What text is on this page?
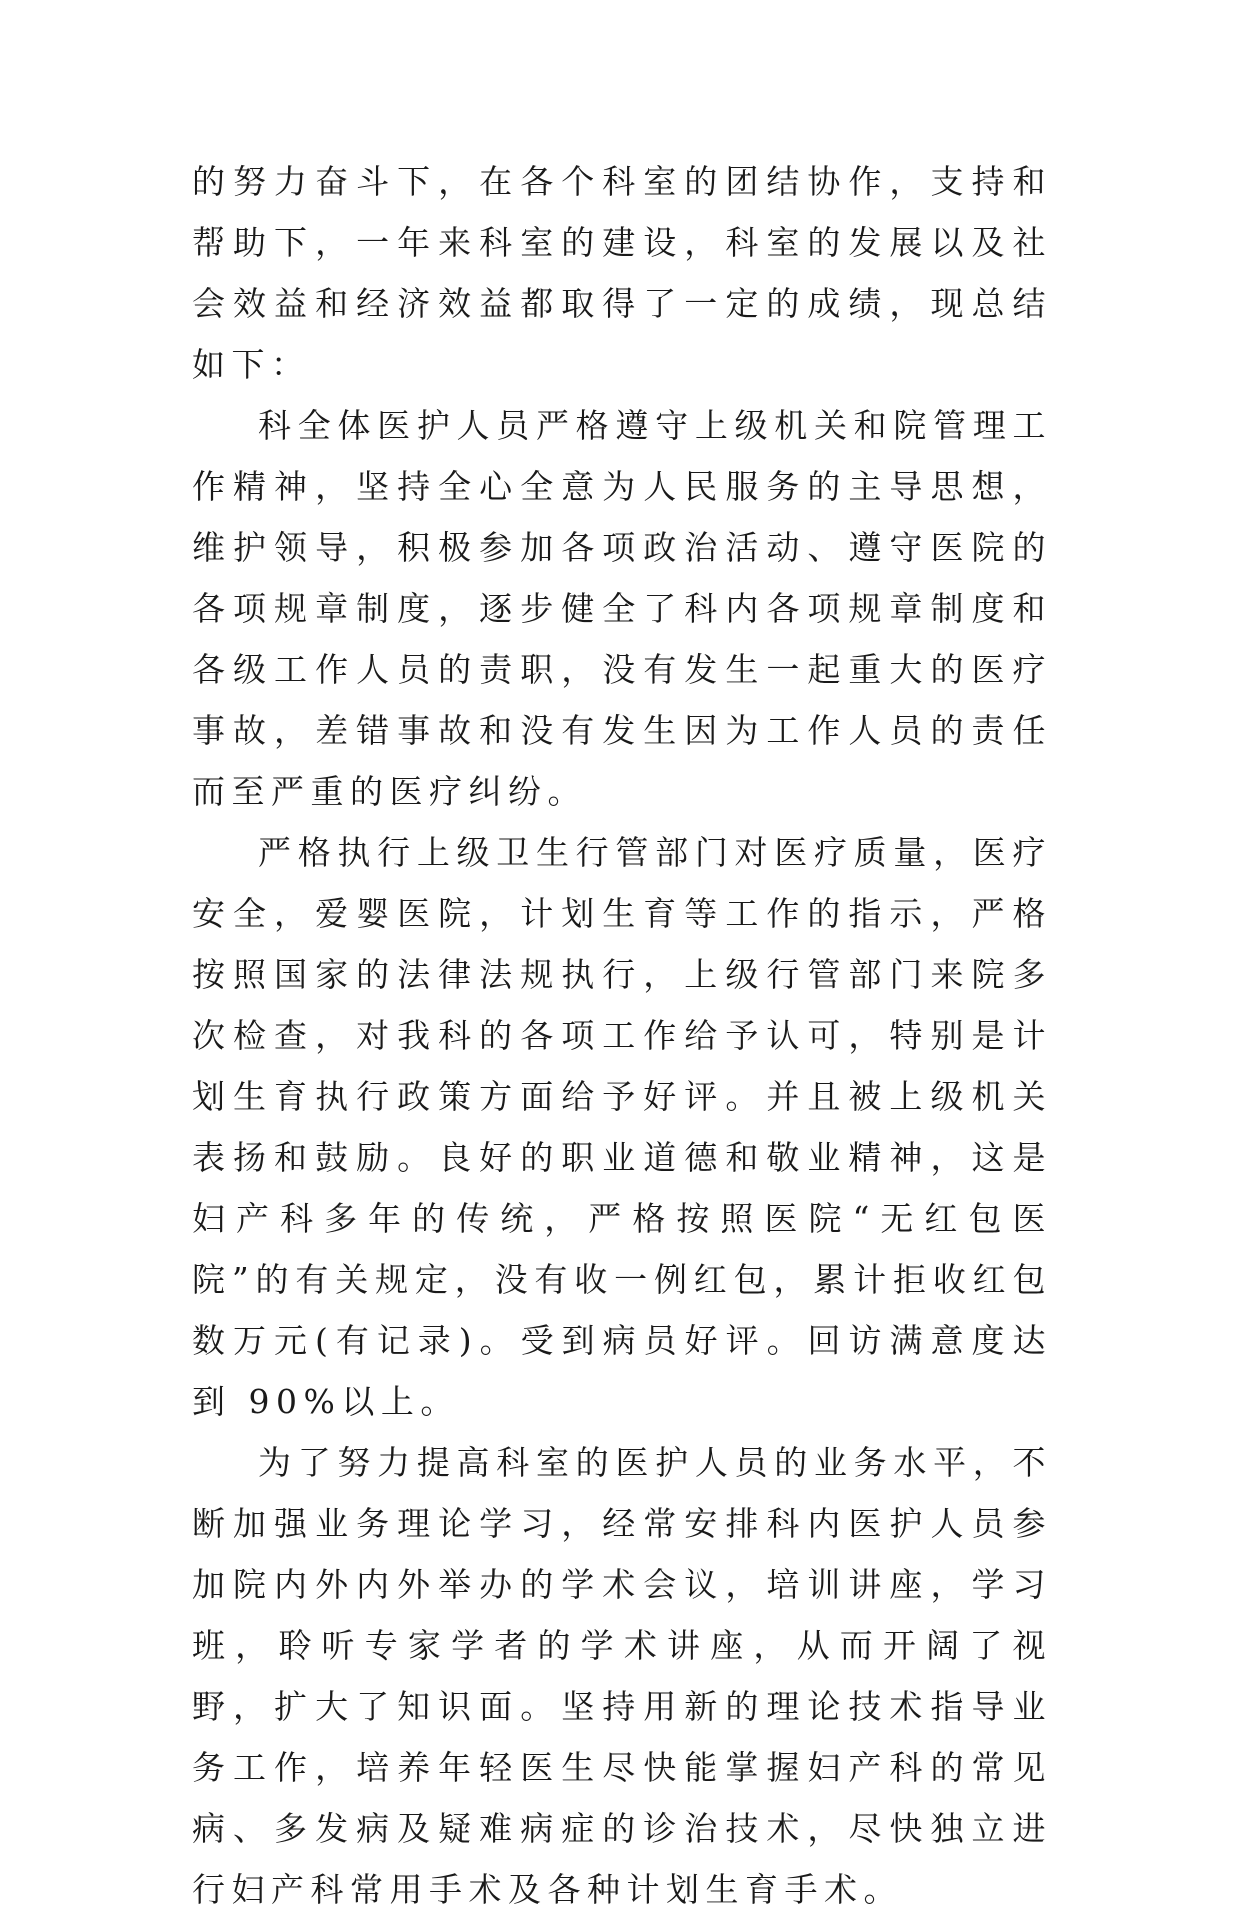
的努力奋斗下，在各个科室的团结协作，支持和帮助下，一年来科室的建设，科室的发展以及社会效益和经济效益都取得了一定的成绩，现总结如下：

科全体医护人员严格遵守上级机关和院管理工作精神，坚持全心全意为人民服务的主导思想，维护领导，积极参加各项政治活动、遵守医院的各项规章制度，逐步健全了科内各项规章制度和各级工作人员的责职，没有发生一起重大的医疗事故，差错事故和没有发生因为工作人员的责任而至严重的医疗纠纷。

严格执行上级卫生行管部门对医疗质量，医疗安全，爱婴医院，计划生育等工作的指示，严格按照国家的法律法规执行，上级行管部门来院多次检查，对我科的各项工作给予认可，特别是计划生育执行政策方面给予好评。并且被上级机关表扬和鼓励。良好的职业道德和敬业精神，这是妇产科多年的传统，严格按照医院“无红包医院”的有关规定，没有收一例红包，累计拒收红包数万元(有记录)。受到病员好评。回访满意度达到 90%以上。

为了努力提高科室的医护人员的业务水平，不断加强业务理论学习，经常安排科内医护人员参加院内外内外举办的学术会议，培训讲座，学习班，聆听专家学者的学术讲座，从而开阔了视野，扩大了知识面。坚持用新的理论技术指导业务工作，培养年轻医生尽快能掌握妇产科的常见病、多发病及疑难病症的诊治技术，尽快独立进行妇产科常用手术及各种计划生育手术。
